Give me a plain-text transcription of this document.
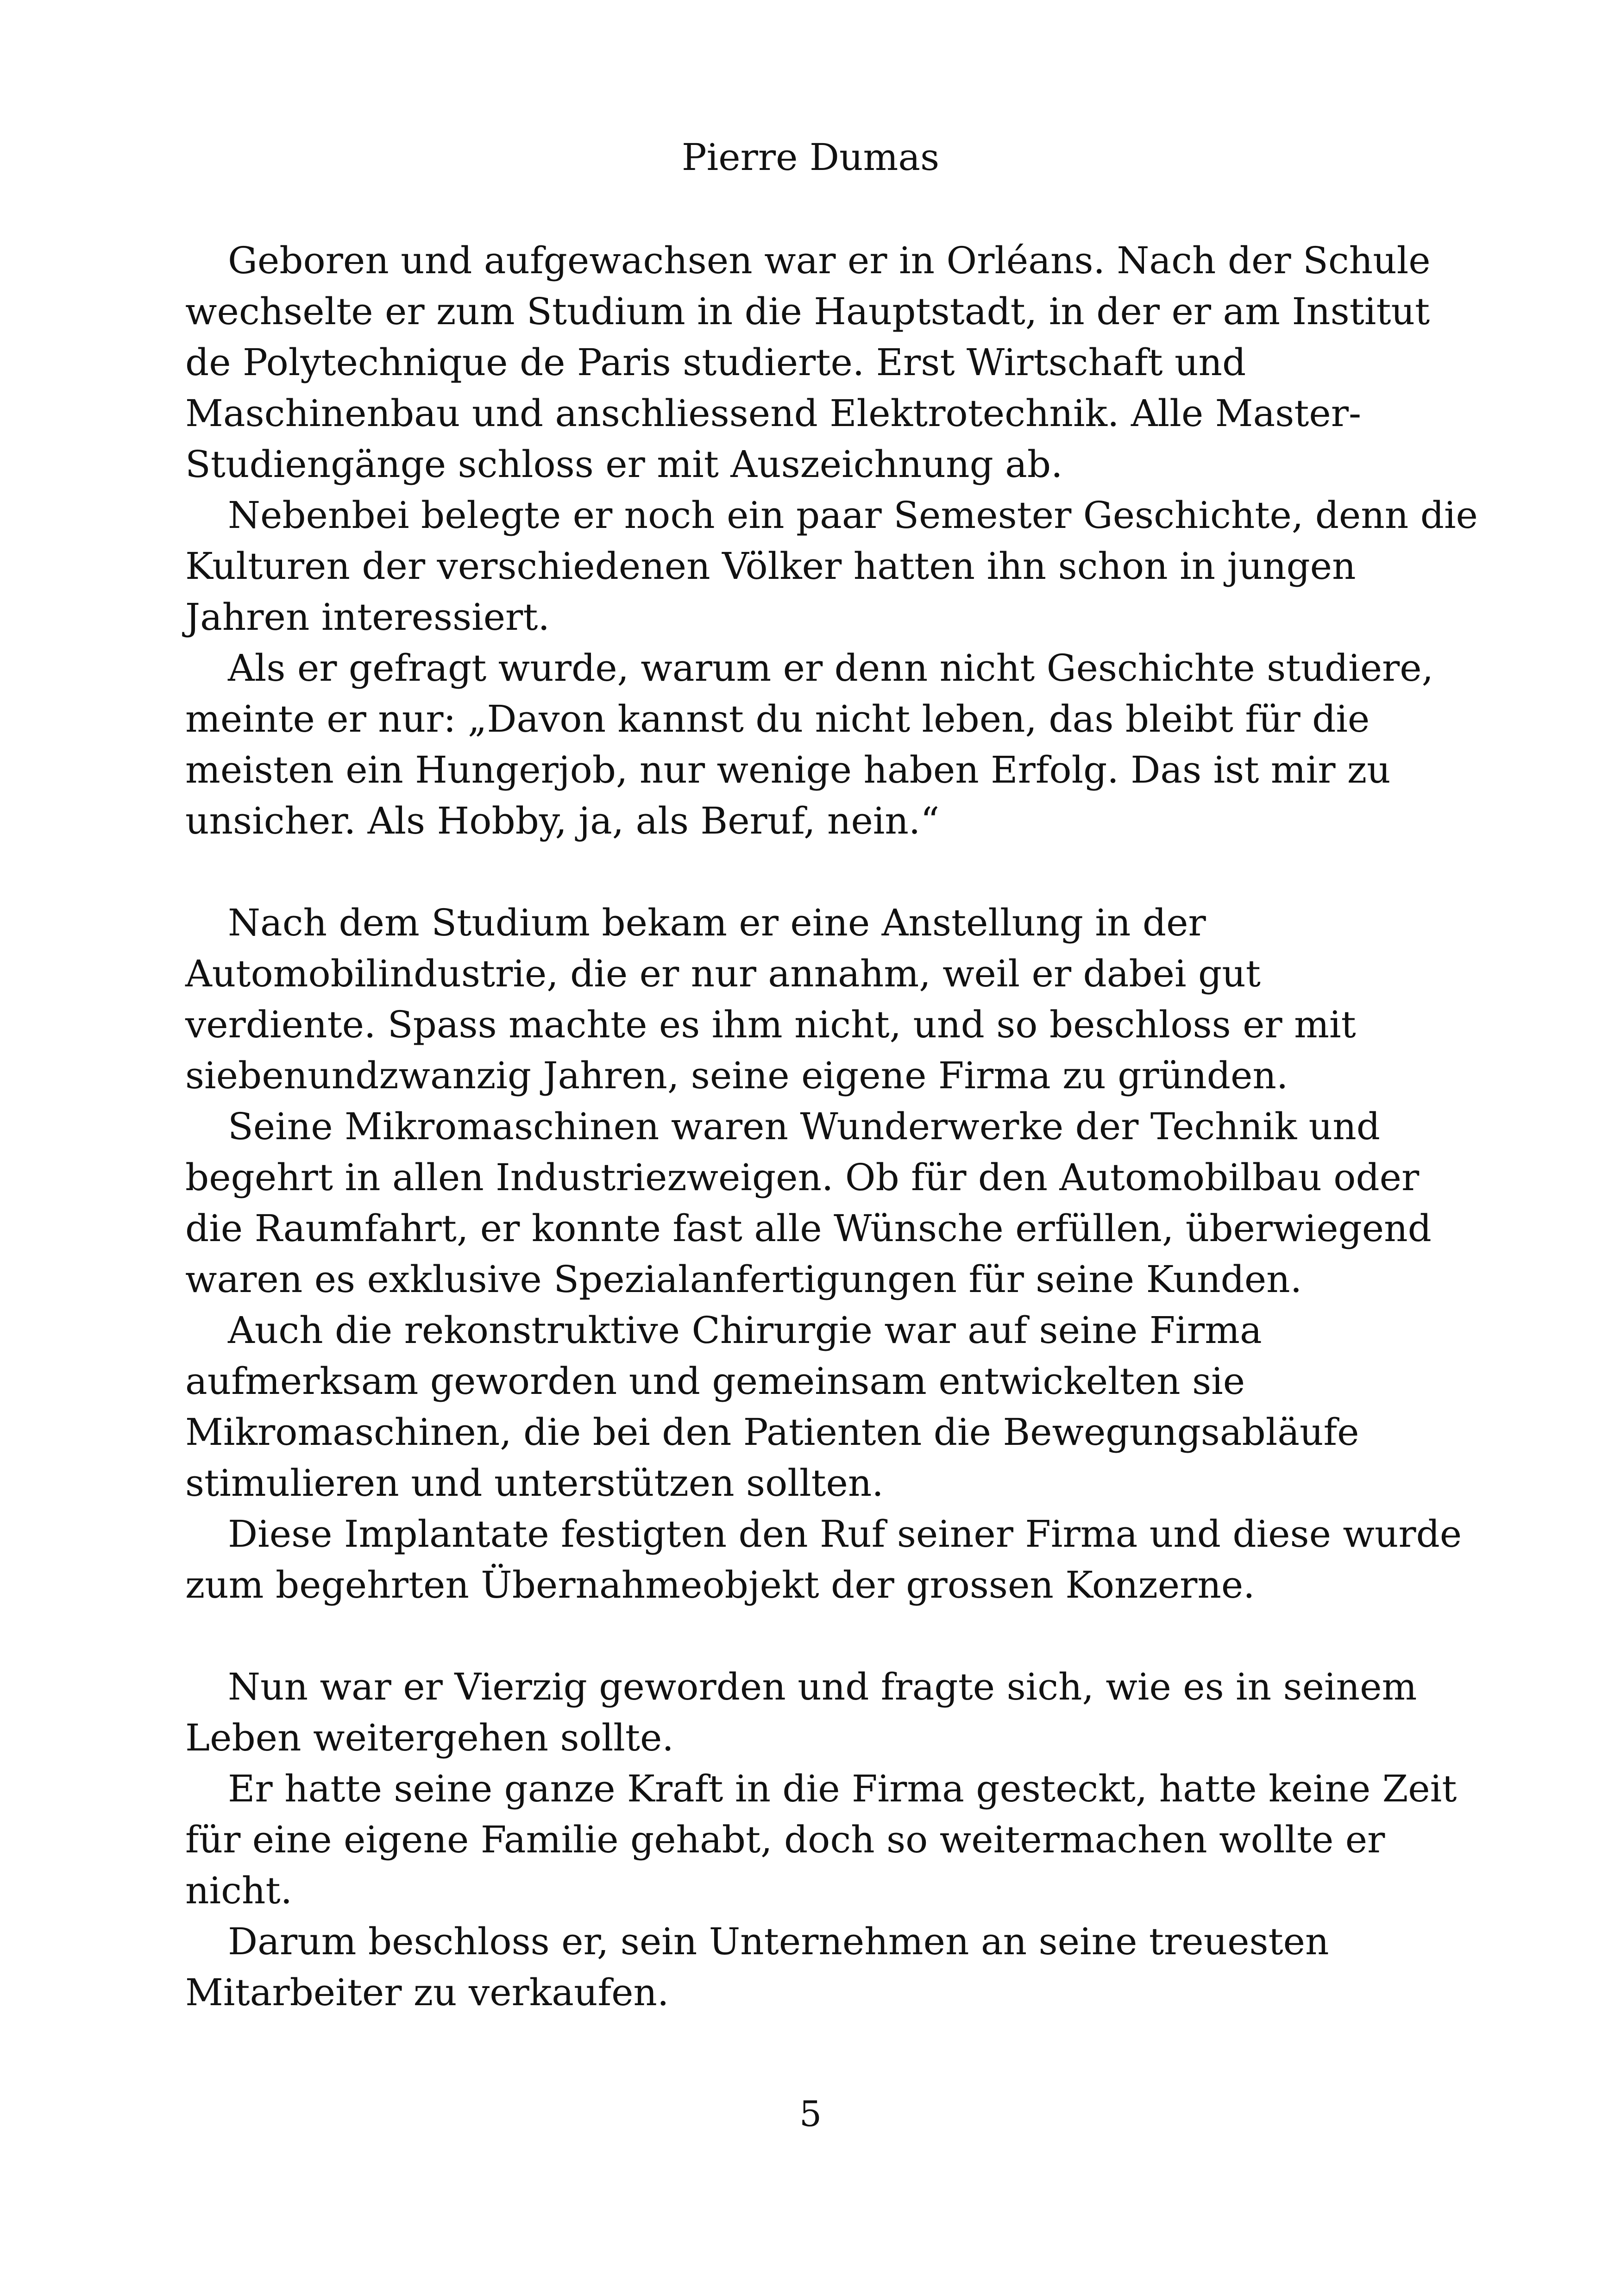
Pierre Dumas
Geboren und aufgewachsen war er in Orléans. Nach der Schule
wechselte er zum Studium in die Hauptstadt, in der er am Institut
de Polytechnique de Paris studierte. Erst Wirtschaft und
Maschinenbau und anschliessend Elektrotechnik. Alle Master-
Studiengänge schloss er mit Auszeichnung ab.
Nebenbei belegte er noch ein paar Semester Geschichte, denn die
Kulturen der verschiedenen Völker hatten ihn schon in jungen
Jahren interessiert.
Als er gefragt wurde, warum er denn nicht Geschichte studiere,
meinte er nur: „Davon kannst du nicht leben, das bleibt für die
meisten ein Hungerjob, nur wenige haben Erfolg. Das ist mir zu
unsicher. Als Hobby, ja, als Beruf, nein.“
Nach dem Studium bekam er eine Anstellung in der
Automobilindustrie, die er nur annahm, weil er dabei gut
verdiente. Spass machte es ihm nicht, und so beschloss er mit
siebenundzwanzig Jahren, seine eigene Firma zu gründen.
Seine Mikromaschinen waren Wunderwerke der Technik und
begehrt in allen Industriezweigen. Ob für den Automobilbau oder
die Raumfahrt, er konnte fast alle Wünsche erfüllen, überwiegend
waren es exklusive Spezialanfertigungen für seine Kunden.
Auch die rekonstruktive Chirurgie war auf seine Firma
aufmerksam geworden und gemeinsam entwickelten sie
Mikromaschinen, die bei den Patienten die Bewegungsabläufe
stimulieren und unterstützen sollten.
Diese Implantate festigten den Ruf seiner Firma und diese wurde
zum begehrten Übernahmeobjekt der grossen Konzerne.
Nun war er Vierzig geworden und fragte sich, wie es in seinem
Leben weitergehen sollte.
Er hatte seine ganze Kraft in die Firma gesteckt, hatte keine Zeit
für eine eigene Familie gehabt, doch so weitermachen wollte er
nicht.
Darum beschloss er, sein Unternehmen an seine treuesten
Mitarbeiter zu verkaufen.
5
